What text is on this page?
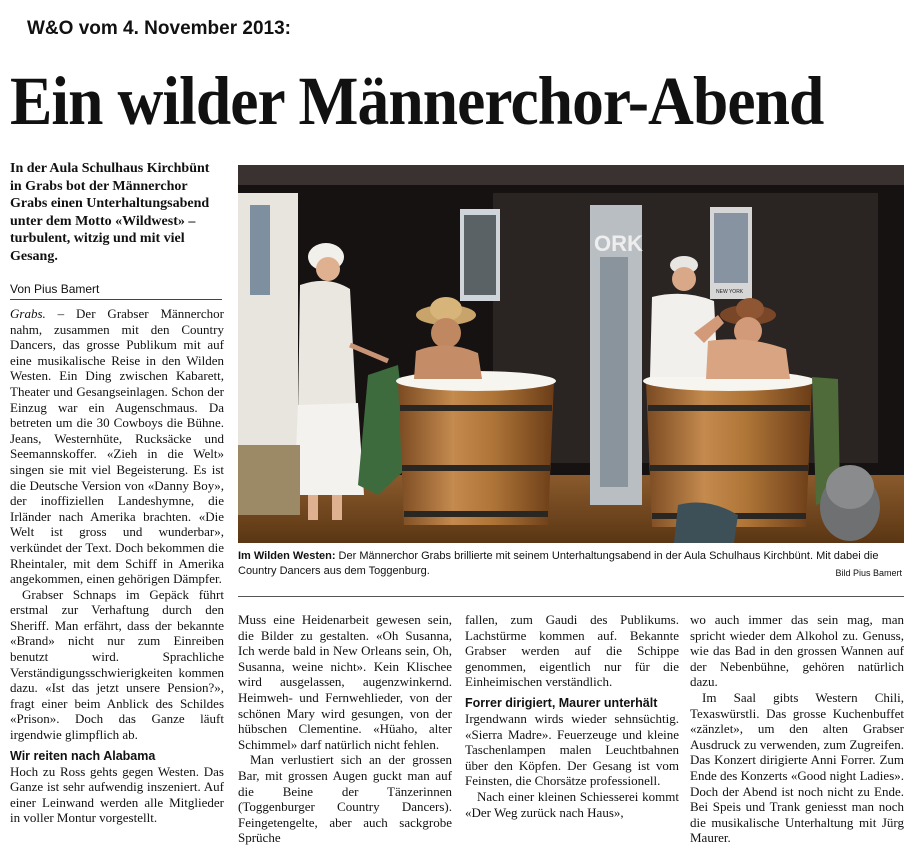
W&O vom 4. November 2013:
Ein wilder Männerchor-Abend
In der Aula Schulhaus Kirchbünt in Grabs bot der Männerchor Grabs einen Unterhaltungsabend unter dem Motto «Wildwest» – turbulent, witzig und mit viel Gesang.
Von Pius Bamert	NEW YORK
ORK
Im Wilden Westen: Der Männerchor Grabs brillierte mit seinem Unterhaltungsabend in der Aula Schulhaus Kirchbünt. Mit dabei die Country Dancers aus dem Toggenburg.	Bild Pius Bamert

Grabs. – Der Grabser Männerchor nahm, zusammen mit den Country Dancers, das grosse Publikum mit auf eine musikalische Reise in den Wilden Westen. Ein Ding zwischen Kabarett, Theater und Gesangseinlagen. Schon der Einzug war ein Augenschmaus. Da betreten um die 30 Cowboys die Bühne. Jeans, Westernhüte, Rucksäcke und Seemannskoffer. «Zieh in die Welt» singen sie mit viel Begeisterung. Es ist die Deutsche Version von «Danny Boy», der inoffiziellen Landeshymne, die Irländer nach Amerika brachten. «Die Welt ist gross und wunderbar», verkündet der Text. Doch bekommen die Rheintaler, mit dem Schiff in Amerika angekommen, einen gehörigen Dämpfer.

Grabser Schnaps im Gepäck führt erstmal zur Verhaftung durch den Sheriff. Man erfährt, dass der bekannte «Brand» nicht nur zum Einreiben benutzt wird. Sprachliche Verständigungsschwierigkeiten kommen dazu. «Ist das jetzt unsere Pension?», fragt einer beim Anblick des Schildes «Prison». Doch das Ganze läuft irgendwie glimpflich ab.

Wir reiten nach Alabama

Hoch zu Ross gehts gegen Westen. Das Ganze ist sehr aufwendig inszeniert. Auf einer Leinwand werden alle Mitglieder in voller Montur vorgestellt.

Muss eine Heidenarbeit gewesen sein, die Bilder zu gestalten. «Oh Susanna, Ich werde bald in New Orleans sein, Oh, Susanna, weine nicht». Kein Klischee wird ausgelassen, augenzwinkernd. Heimweh- und Fernwehlieder, von der schönen Mary wird gesungen, von der hübschen Clementine. «Hüaho, alter Schimmel» darf natürlich nicht fehlen.

Man verlustiert sich an der grossen Bar, mit grossen Augen guckt man auf die Beine der Tänzerinnen (Toggenburger Country Dancers). Feingetengelte, aber auch sackgrobe Sprüche

fallen, zum Gaudi des Publikums. Lachstürme kommen auf. Bekannte Grabser werden auf die Schippe genommen, eigentlich nur für die Einheimischen verständlich.

Forrer dirigiert, Maurer unterhält

Irgendwann wirds wieder sehnsüchtig. «Sierra Madre». Feuerzeuge und kleine Taschenlampen malen Leuchtbahnen über den Köpfen. Der Gesang ist vom Feinsten, die Chorsätze professionell.

Nach einer kleinen Schiesserei kommt «Der Weg zurück nach Haus»,

wo auch immer das sein mag, man spricht wieder dem Alkohol zu. Genuss, wie das Bad in den grossen Wannen auf der Nebenbühne, gehören natürlich dazu.

Im Saal gibts Western Chili, Texaswürstli. Das grosse Kuchenbuffet «zänzlet», um den alten Grabser Ausdruck zu verwenden, zum Zugreifen. Das Konzert dirigierte Anni Forrer. Zum Ende des Konzerts «Good night Ladies». Doch der Abend ist noch nicht zu Ende. Bei Speis und Trank geniesst man noch die musikalische Unterhaltung mit Jürg Maurer.
